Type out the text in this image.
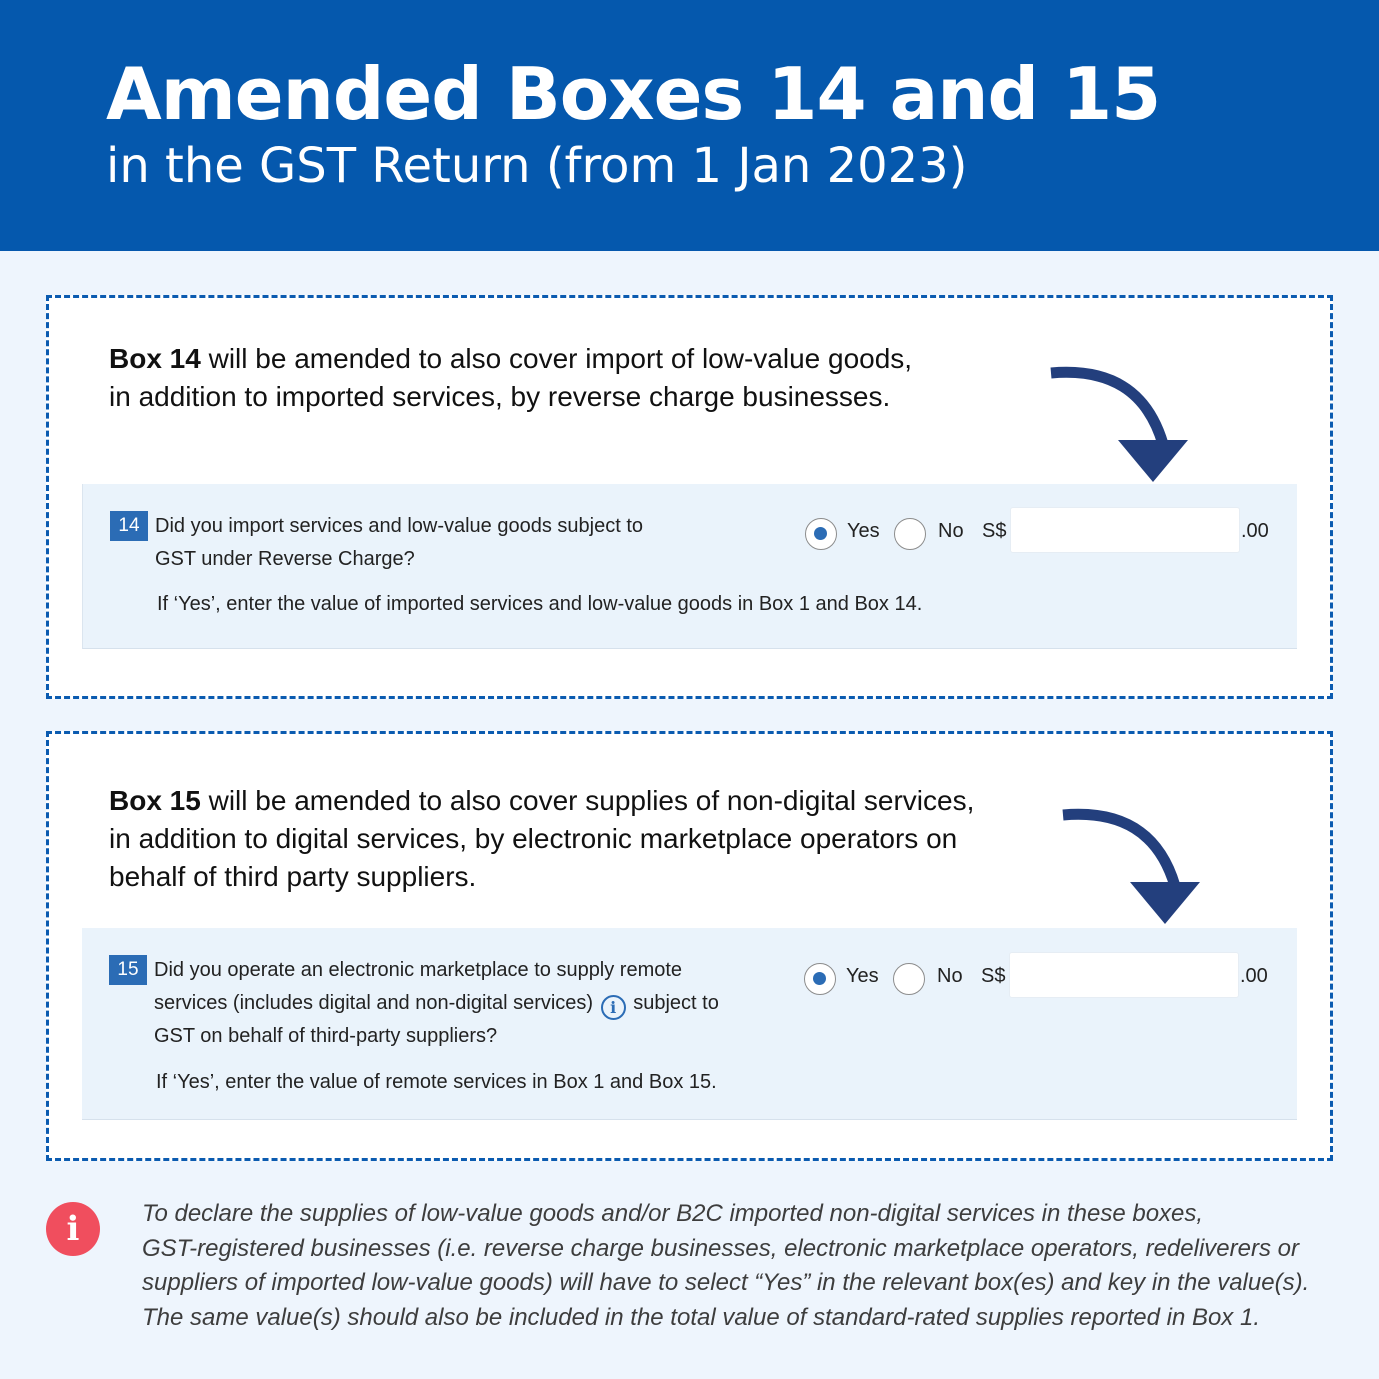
Amended Boxes 14 and 15
in the GST Return (from 1 Jan 2023)
Box 14 will be amended to also cover import of low-value goods,
in addition to imported services, by reverse charge businesses.
14 Did you import services and low-value goods subject to
GST under Reverse Charge?
If ‘Yes’, enter the value of imported services and low-value goods in Box 1 and Box 14.
Yes	No S$	.00
Box 15 will be amended to also cover supplies of non-digital services,
in addition to digital services, by electronic marketplace operators on
behalf of third party suppliers.
15 Did you operate an electronic marketplace to supply remote
services (includes digital and non-digital services) i subject to
GST on behalf of third-party suppliers?
If ‘Yes’, enter the value of remote services in Box 1 and Box 15.
Yes	No S$	.00
i	To declare the supplies of low-value goods and/or B2C imported non-digital services in these boxes,
GST-registered businesses (i.e. reverse charge businesses, electronic marketplace operators, redeliverers or
suppliers of imported low-value goods) will have to select “Yes” in the relevant box(es) and key in the value(s).
The same value(s) should also be included in the total value of standard-rated supplies reported in Box 1.
